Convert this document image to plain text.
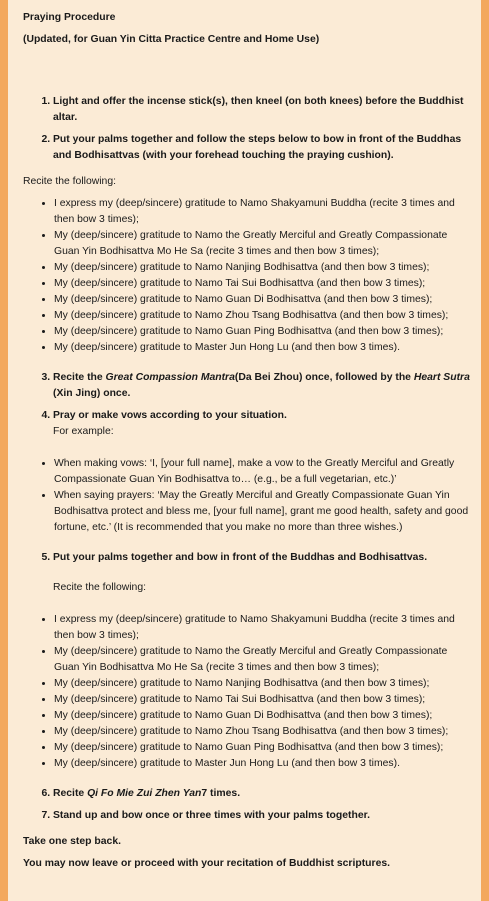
Praying Procedure

(Updated, for Guan Yin Citta Practice Centre and Home Use)

1. Light and offer the incense stick(s), then kneel (on both knees) before the Buddhist altar.
2. Put your palms together and follow the steps below to bow in front of the Buddhas and Bodhisattvas (with your forehead touching the praying cushion).

Recite the following:

• I express my (deep/sincere) gratitude to Namo Shakyamuni Buddha (recite 3 times and then bow 3 times);
• My (deep/sincere) gratitude to Namo the Greatly Merciful and Greatly Compassionate Guan Yin Bodhisattva Mo He Sa (recite 3 times and then bow 3 times);
• My (deep/sincere) gratitude to Namo Nanjing Bodhisattva (and then bow 3 times);
• My (deep/sincere) gratitude to Namo Tai Sui Bodhisattva (and then bow 3 times);
• My (deep/sincere) gratitude to Namo Guan Di Bodhisattva (and then bow 3 times);
• My (deep/sincere) gratitude to Namo Zhou Tsang Bodhisattva (and then bow 3 times);
• My (deep/sincere) gratitude to Namo Guan Ping Bodhisattva (and then bow 3 times);
• My (deep/sincere) gratitude to Master Jun Hong Lu (and then bow 3 times).
3. Recite the Great Compassion Mantra(Da Bei Zhou) once, followed by the Heart Sutra (Xin Jing) once.
4. Pray or make vows according to your situation.
For example:
• When making vows: ‘I, [your full name], make a vow to the Greatly Merciful and Greatly Compassionate Guan Yin Bodhisattva to… (e.g., be a full vegetarian, etc.)’
• When saying prayers: ‘May the Greatly Merciful and Greatly Compassionate Guan Yin Bodhisattva protect and bless me, [your full name], grant me good health, safety and good fortune, etc.’ (It is recommended that you make no more than three wishes.)
5. Put your palms together and bow in front of the Buddhas and Bodhisattvas.

Recite the following:

• I express my (deep/sincere) gratitude to Namo Shakyamuni Buddha (recite 3 times and then bow 3 times);
• My (deep/sincere) gratitude to Namo the Greatly Merciful and Greatly Compassionate Guan Yin Bodhisattva Mo He Sa (recite 3 times and then bow 3 times);
• My (deep/sincere) gratitude to Namo Nanjing Bodhisattva (and then bow 3 times);
• My (deep/sincere) gratitude to Namo Tai Sui Bodhisattva (and then bow 3 times);
• My (deep/sincere) gratitude to Namo Guan Di Bodhisattva (and then bow 3 times);
• My (deep/sincere) gratitude to Namo Zhou Tsang Bodhisattva (and then bow 3 times);
• My (deep/sincere) gratitude to Namo Guan Ping Bodhisattva (and then bow 3 times);
• My (deep/sincere) gratitude to Master Jun Hong Lu (and then bow 3 times).
6. Recite Qi Fo Mie Zui Zhen Yan7 times.
7. Stand up and bow once or three times with your palms together.

Take one step back.

You may now leave or proceed with your recitation of Buddhist scriptures.
